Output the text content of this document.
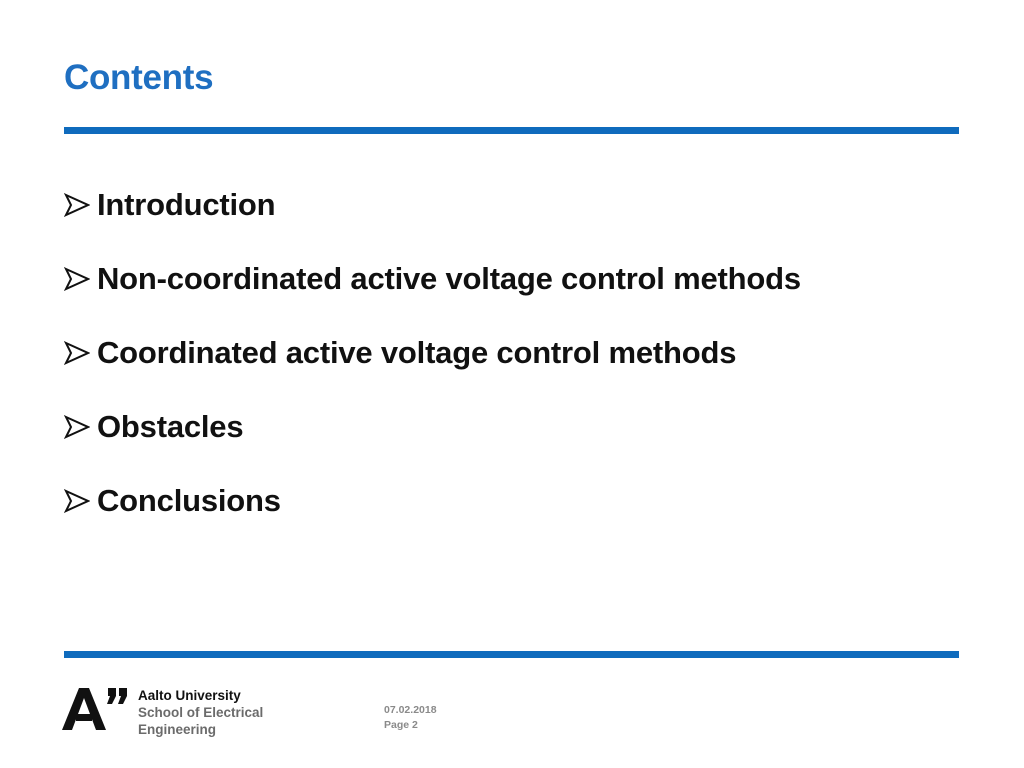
Contents
Introduction
Non-coordinated active voltage control methods
Coordinated active voltage control methods
Obstacles
Conclusions
Aalto University
School of Electrical
Engineering
07.02.2018
Page 2
